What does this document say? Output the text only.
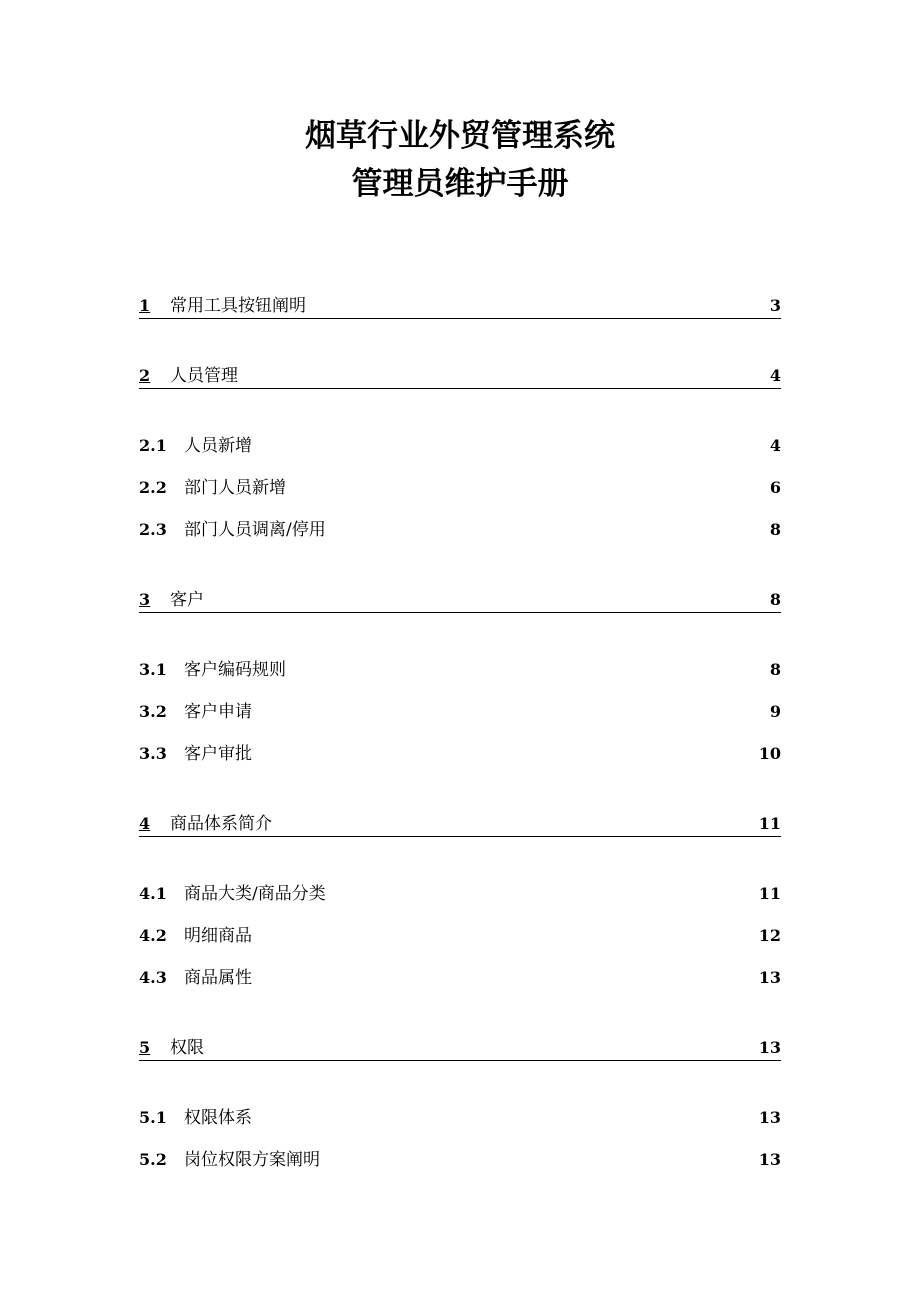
烟草行业外贸管理系统
管理员维护手册
1 常用工具按钮阐明	3
2 人员管理	4
2.1 人员新增	4
2.2 部门人员新增	6
2.3 部门人员调离/停用	8
3 客户	8
3.1 客户编码规则	8
3.2 客户申请	9
3.3 客户审批	10
4 商品体系简介	11
4.1 商品大类/商品分类	11
4.2 明细商品	12
4.3 商品属性	13
5 权限	13
5.1 权限体系	13
5.2 岗位权限方案阐明	13
